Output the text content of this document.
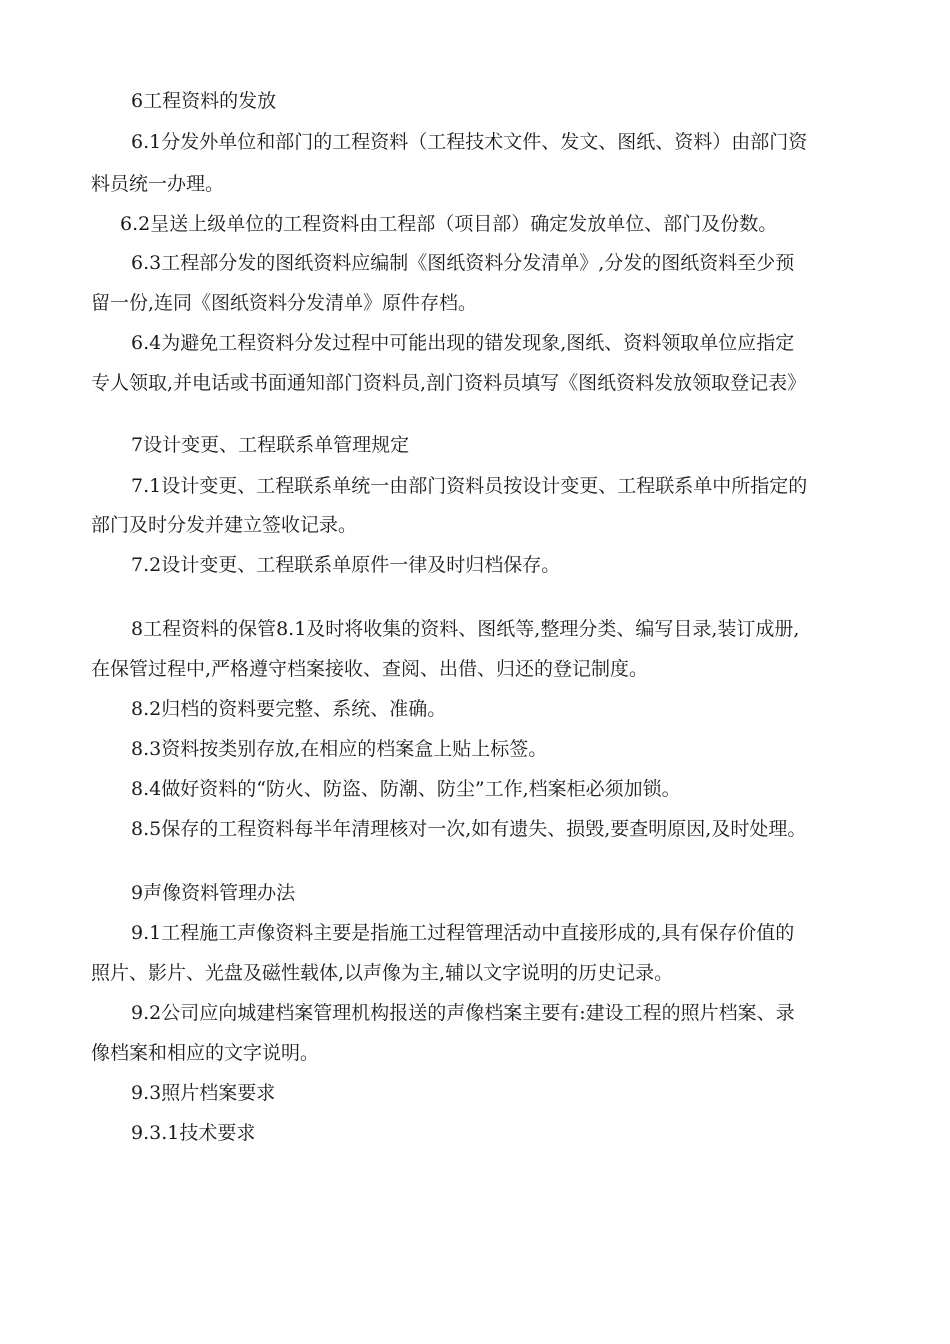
6工程资料的发放

6.1分发外单位和部门的工程资料（工程技术文件、发文、图纸、资料）由部门资

料员统一办理。

6.2呈送上级单位的工程资料由工程部（项目部）确定发放单位、部门及份数。

6.3工程部分发的图纸资料应编制《图纸资料分发清单》,分发的图纸资料至少预

留一份,连同《图纸资料分发清单》原件存档。

6.4为避免工程资料分发过程中可能出现的错发现象,图纸、资料领取单位应指定

专人领取,并电话或书面通知部门资料员,剖门资料员填写《图纸资料发放领取登记表》

7设计变更、工程联系单管理规定

7.1设计变更、工程联系单统一由部门资料员按设计变更、工程联系单中所指定的

部门及时分发并建立签收记录。

7.2设计变更、工程联系单原件一律及时归档保存。

8工程资料的保管8.1及时将收集的资料、图纸等,整理分类、编写目录,装订成册,

在保管过程中,严格遵守档案接收、查阅、出借、归还的登记制度。

8.2归档的资料要完整、系统、准确。

8.3资料按类别存放,在相应的档案盒上贴上标签。

8.4做好资料的“防火、防盗、防潮、防尘”工作,档案柜必须加锁。

8.5保存的工程资料每半年清理核对一次,如有遗失、损毁,要查明原因,及时处理。

9声像资料管理办法

9.1工程施工声像资料主要是指施工过程管理活动中直接形成的,具有保存价值的

照片、影片、光盘及磁性载体,以声像为主,辅以文字说明的历史记录。

9.2公司应向城建档案管理机构报送的声像档案主要有:建设工程的照片档案、录

像档案和相应的文字说明。

9.3照片档案要求

9.3.1技术要求
